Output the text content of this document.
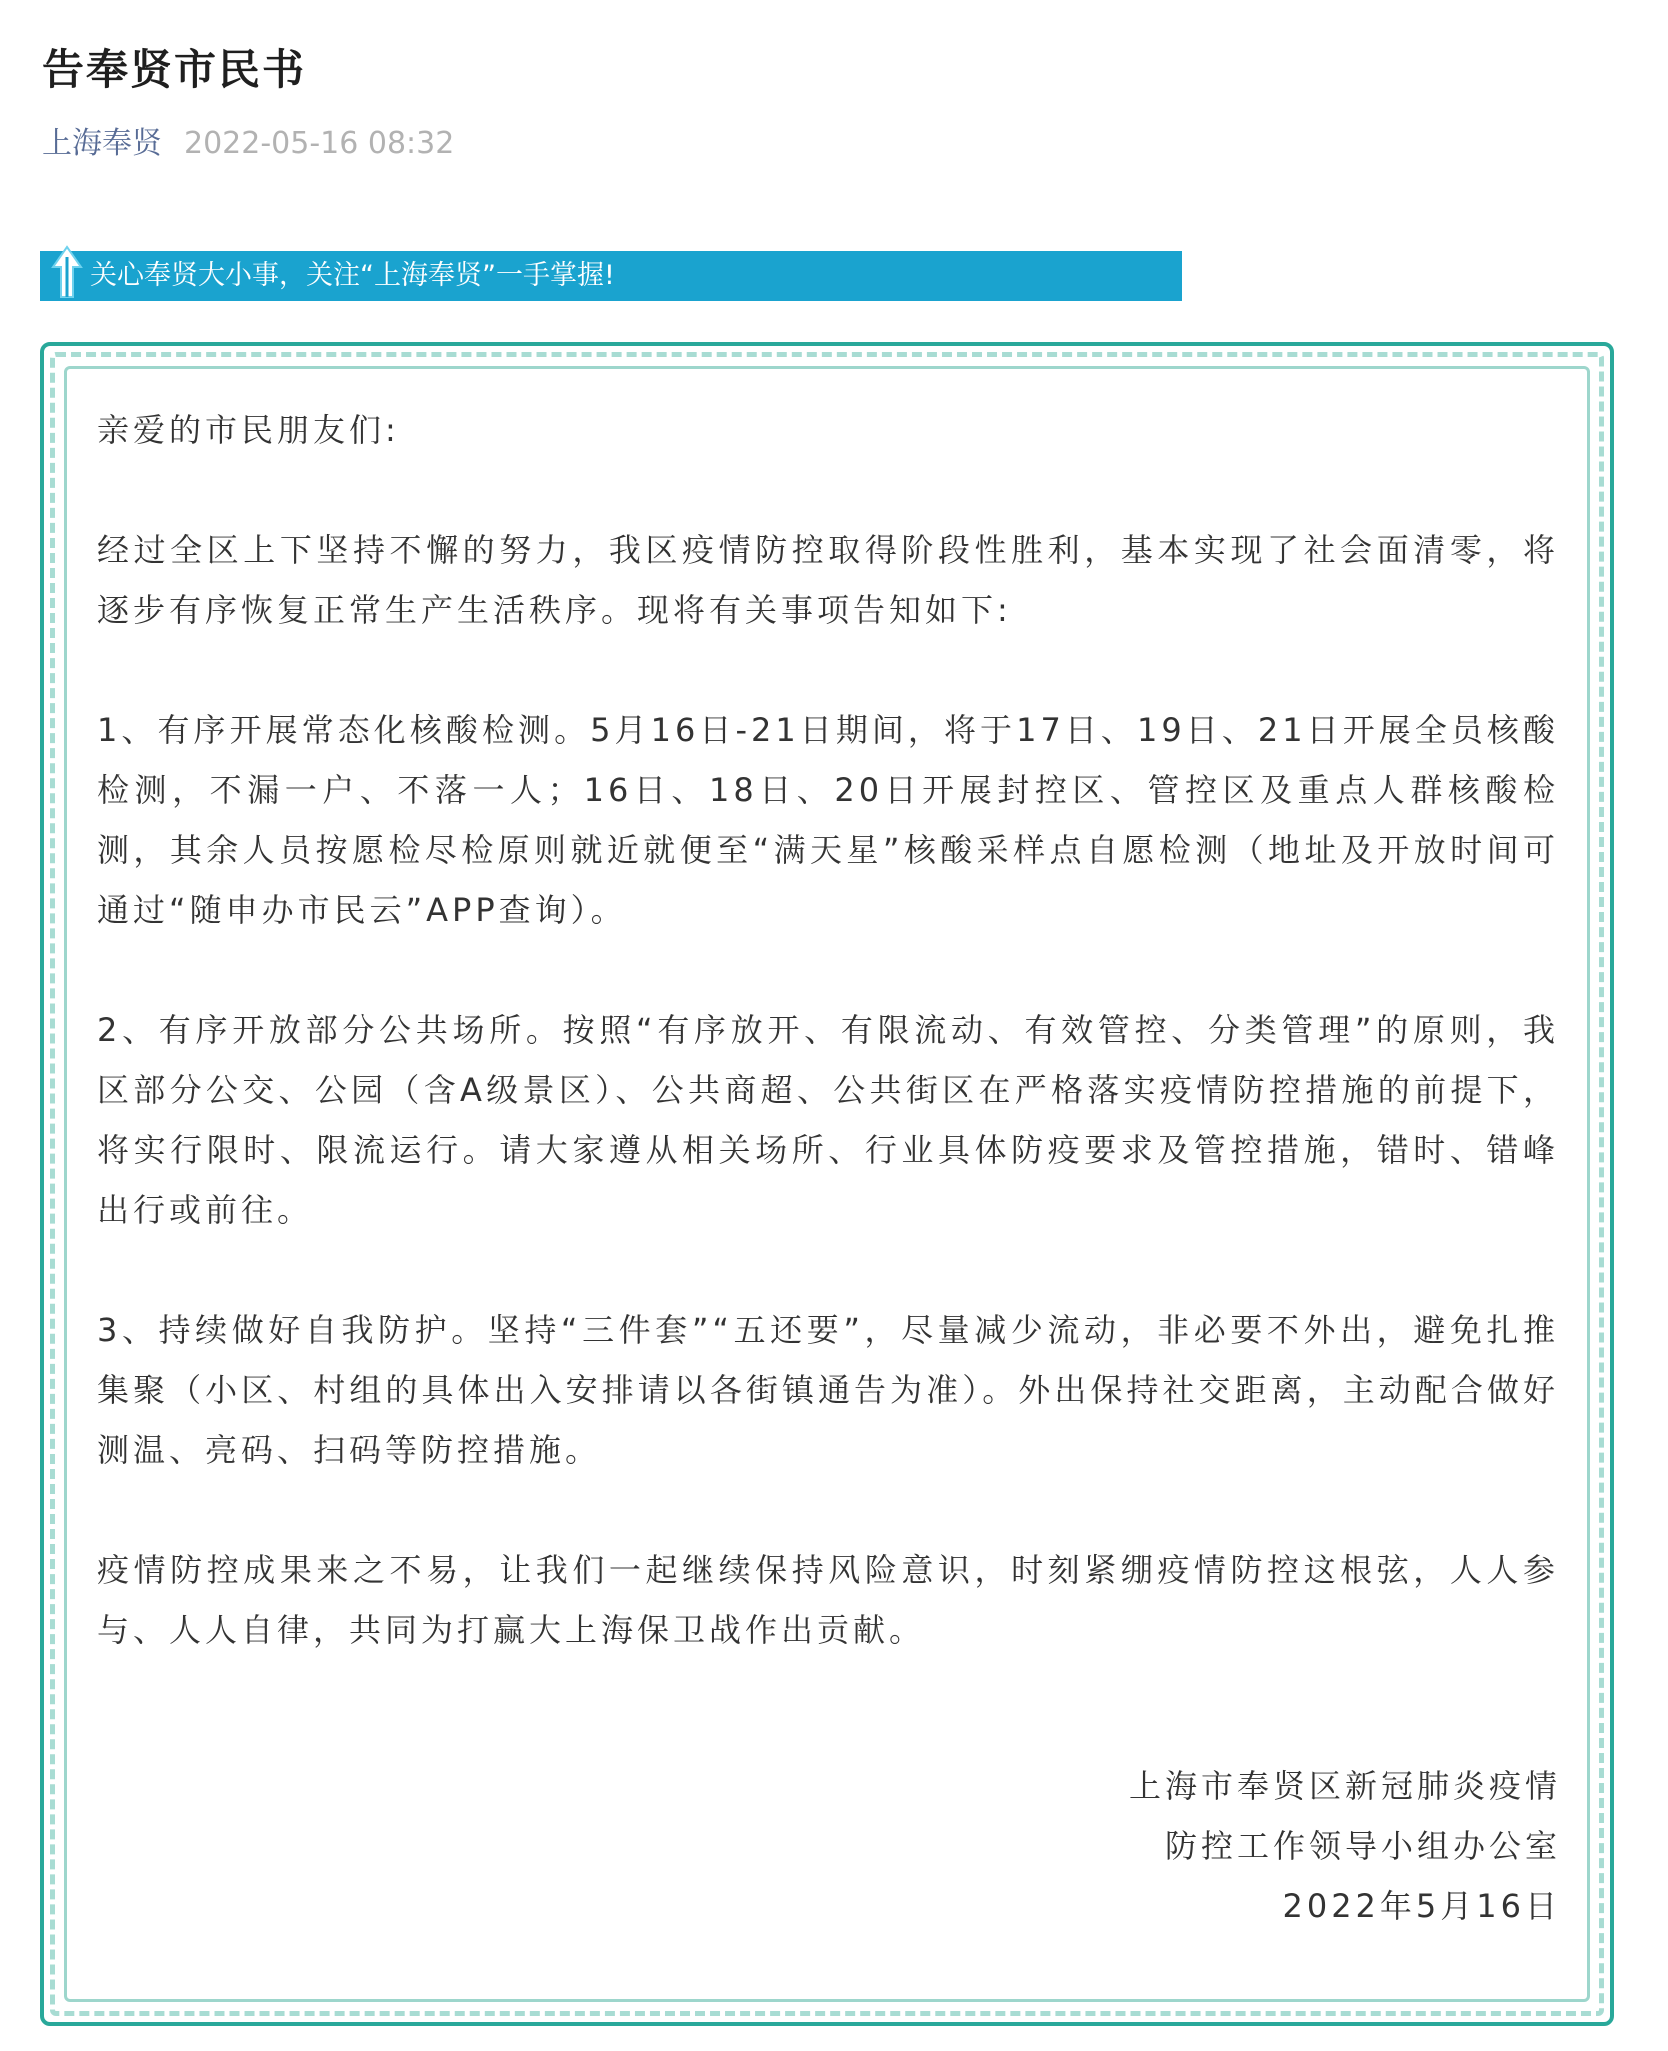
告奉贤市民书
上海奉贤 2022-05-16 08:32
关心奉贤大小事，关注“上海奉贤”一手掌握!

亲爱的市民朋友们:

经过全区上下坚持不懈的努力，我区疫情防控取得阶段性胜利，基本实现了社会面清零，将逐步有序恢复正常生产生活秩序。现将有关事项告知如下:

1、有序开展常态化核酸检测。5月16日-21日期间，将于17日、19日、21日开展全员核酸检测，不漏一户、不落一人；16日、18日、20日开展封控区、管控区及重点人群核酸检测，其余人员按愿检尽检原则就近就便至“满天星”核酸采样点自愿检测（地址及开放时间可通过“随申办市民云”APP查询）。

2、有序开放部分公共场所。按照“有序放开、有限流动、有效管控、分类管理”的原则，我区部分公交、公园（含A级景区）、公共商超、公共街区在严格落实疫情防控措施的前提下，将实行限时、限流运行。请大家遵从相关场所、行业具体防疫要求及管控措施，错时、错峰出行或前往。

3、持续做好自我防护。坚持“三件套”“五还要”，尽量减少流动，非必要不外出，避免扎推集聚（小区、村组的具体出入安排请以各街镇通告为准）。外出保持社交距离，主动配合做好测温、亮码、扫码等防控措施。

疫情防控成果来之不易，让我们一起继续保持风险意识，时刻紧绷疫情防控这根弦，人人参与、人人自律，共同为打赢大上海保卫战作出贡献。

上海市奉贤区新冠肺炎疫情
防控工作领导小组办公室
2022年5月16日
